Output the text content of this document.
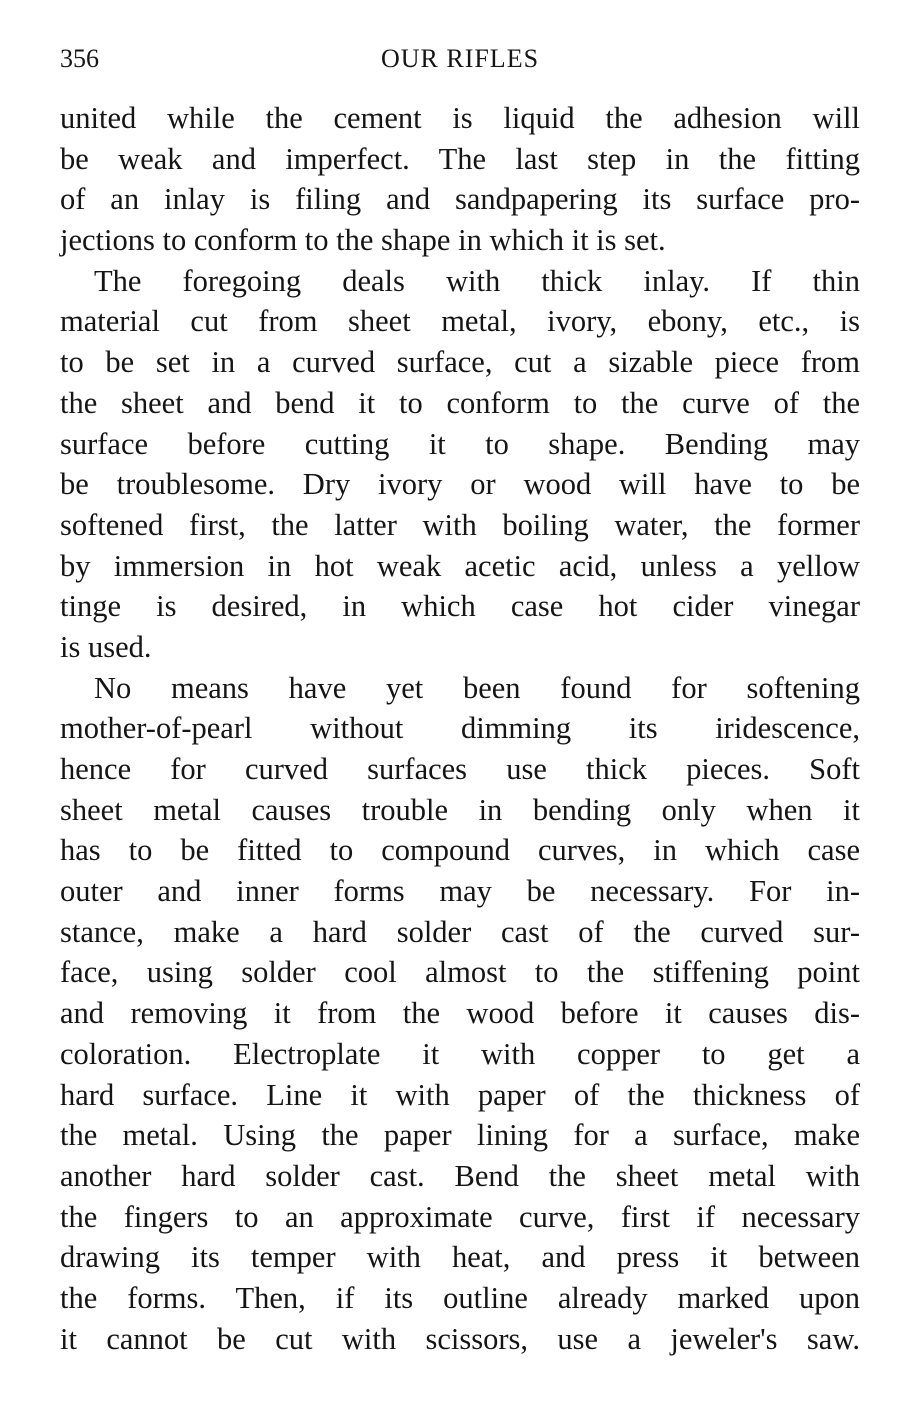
356	OUR RIFLES
united while the cement is liquid the adhesion will
be weak and imperfect. The last step in the fitting
of an inlay is filing and sandpapering its surface pro-
jections to conform to the shape in which it is set.
The foregoing deals with thick inlay. If thin
material cut from sheet metal, ivory, ebony, etc., is
to be set in a curved surface, cut a sizable piece from
the sheet and bend it to conform to the curve of the
surface before cutting it to shape. Bending may
be troublesome. Dry ivory or wood will have to be
softened first, the latter with boiling water, the former
by immersion in hot weak acetic acid, unless a yellow
tinge is desired, in which case hot cider vinegar
is used.
No means have yet been found for softening
mother-of-pearl without dimming its iridescence,
hence for curved surfaces use thick pieces. Soft
sheet metal causes trouble in bending only when it
has to be fitted to compound curves, in which case
outer and inner forms may be necessary. For in-
stance, make a hard solder cast of the curved sur-
face, using solder cool almost to the stiffening point
and removing it from the wood before it causes dis-
coloration. Electroplate it with copper to get a
hard surface. Line it with paper of the thickness of
the metal. Using the paper lining for a surface, make
another hard solder cast. Bend the sheet metal with
the fingers to an approximate curve, first if necessary
drawing its temper with heat, and press it between
the forms. Then, if its outline already marked upon
it cannot be cut with scissors, use a jeweler's saw.
